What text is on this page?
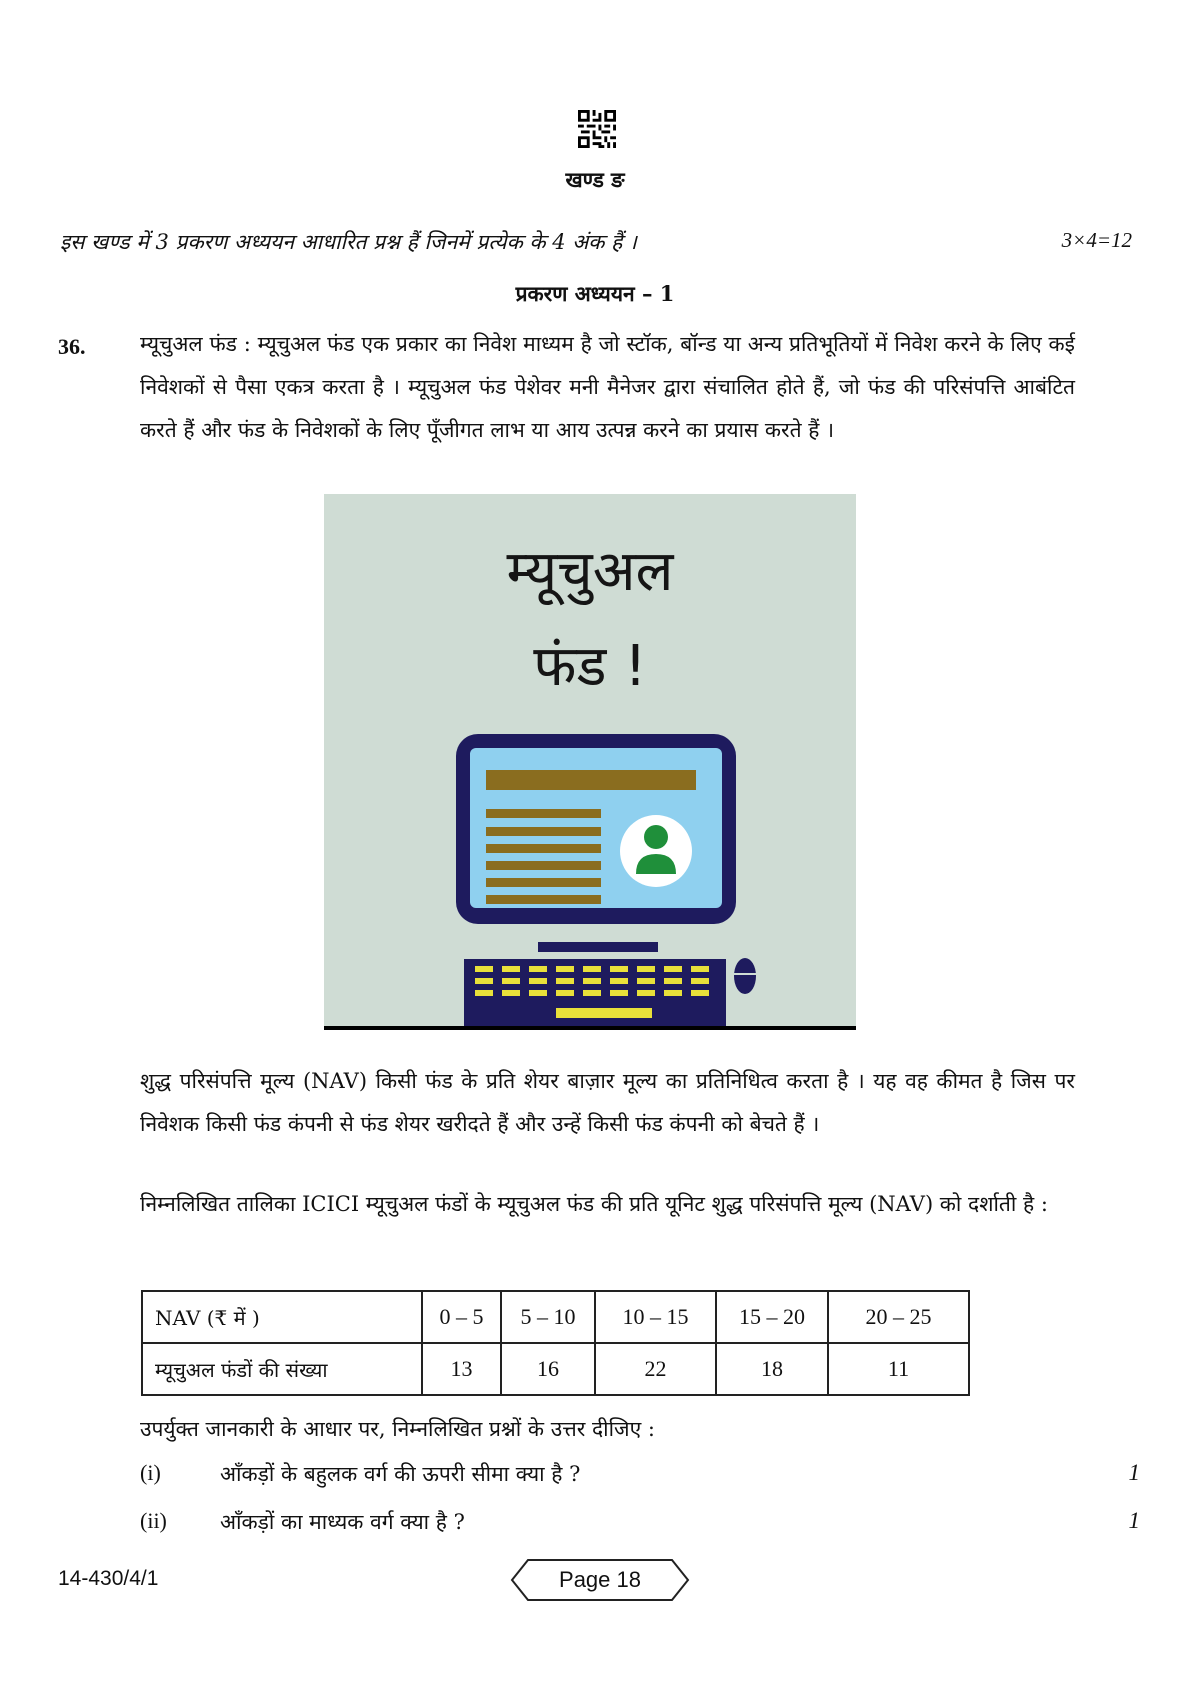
खण्ड ङ
इस खण्ड में 3 प्रकरण अध्ययन आधारित प्रश्न हैं जिनमें प्रत्येक के 4 अंक हैं ।	3×4=12
प्रकरण अध्ययन – 1
36.	म्यूचुअल फंड : म्यूचुअल फंड एक प्रकार का निवेश माध्यम है जो स्टॉक, बॉन्ड या अन्य प्रतिभूतियों में निवेश करने के लिए कई निवेशकों से पैसा एकत्र करता है । म्यूचुअल फंड पेशेवर मनी मैनेजर द्वारा संचालित होते हैं, जो फंड की परिसंपत्ति आबंटित करते हैं और फंड के निवेशकों के लिए पूँजीगत लाभ या आय उत्पन्न करने का प्रयास करते हैं ।
म्यूचुअल
फंड !
शुद्ध परिसंपत्ति मूल्य (NAV) किसी फंड के प्रति शेयर बाज़ार मूल्य का प्रतिनिधित्व करता है । यह वह कीमत है जिस पर निवेशक किसी फंड कंपनी से फंड शेयर खरीदते हैं और उन्हें किसी फंड कंपनी को बेचते हैं ।
निम्नलिखित तालिका ICICI म्यूचुअल फंडों के म्यूचुअल फंड की प्रति यूनिट शुद्ध परिसंपत्ति मूल्य (NAV) को दर्शाती है :
NAV (₹ में )	0 – 5	5 – 10	10 – 15	15 – 20	20 – 25
म्यूचुअल फंडों की संख्या	13	16	22	18	11
उपर्युक्त जानकारी के आधार पर, निम्नलिखित प्रश्नों के उत्तर दीजिए :
(i)	आँकड़ों के बहुलक वर्ग की ऊपरी सीमा क्या है ?	1
(ii)	आँकड़ों का माध्यक वर्ग क्या है ?	1
14-430/4/1	Page 18
